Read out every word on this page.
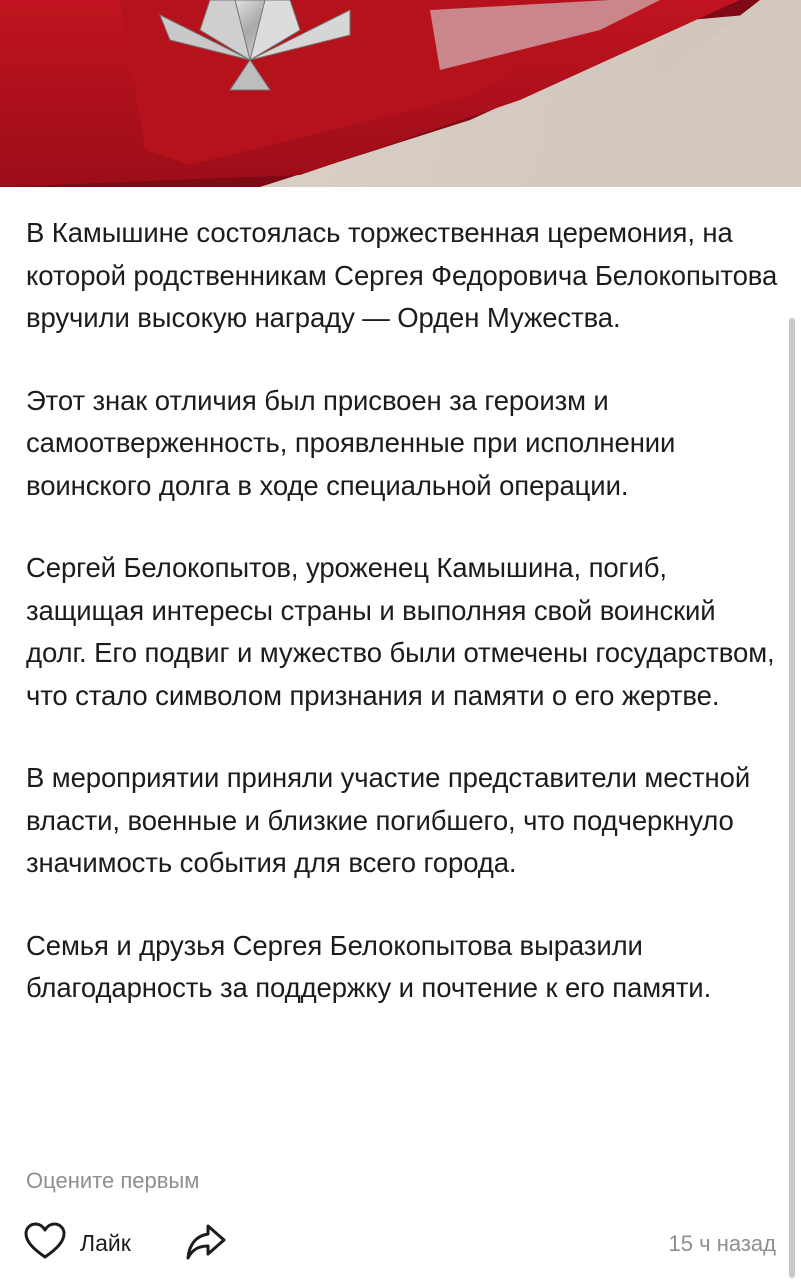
В Камышине состоялась торжественная церемония, на которой родственникам Сергея Федоровича Белокопытова вручили высокую награду — Орден Мужества.

Этот знак отличия был присвоен за героизм и самоотверженность, проявленные при исполнении воинского долга в ходе специальной операции.

Сергей Белокопытов, уроженец Камышина, погиб, защищая интересы страны и выполняя свой воинский долг. Его подвиг и мужество были отмечены государством, что стало символом признания и памяти о его жертве.

В мероприятии приняли участие представители местной власти, военные и близкие погибшего, что подчеркнуло значимость события для всего города.

Семья и друзья Сергея Белокопытова выразили благодарность за поддержку и почтение к его памяти.

Оцените первым
Лайк	15 ч назад
